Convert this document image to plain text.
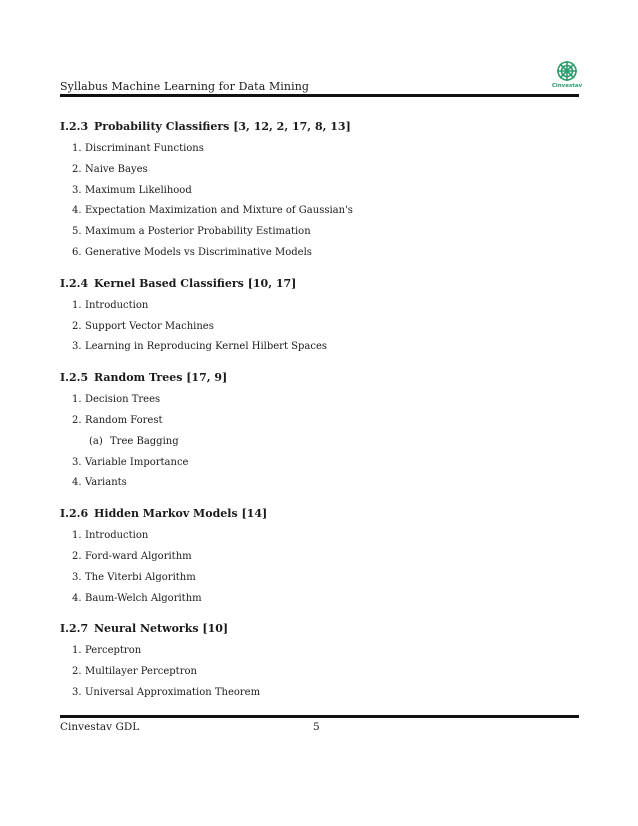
Syllabus Machine Learning for Data Mining	Cinvestav
I.2.3 Probability Classifiers [3, 12, 2, 17, 8, 13]
1. Discriminant Functions
2. Naive Bayes
3. Maximum Likelihood
4. Expectation Maximization and Mixture of Gaussian's
5. Maximum a Posterior Probability Estimation
6. Generative Models vs Discriminative Models
I.2.4 Kernel Based Classifiers [10, 17]
1. Introduction
2. Support Vector Machines
3. Learning in Reproducing Kernel Hilbert Spaces
I.2.5 Random Trees [17, 9]
1. Decision Trees
2. Random Forest
(a) Tree Bagging
3. Variable Importance
4. Variants
I.2.6 Hidden Markov Models [14]
1. Introduction
2. Ford-ward Algorithm
3. The Viterbi Algorithm
4. Baum-Welch Algorithm
I.2.7 Neural Networks [10]
1. Perceptron
2. Multilayer Perceptron
3. Universal Approximation Theorem
Cinvestav GDL	5
